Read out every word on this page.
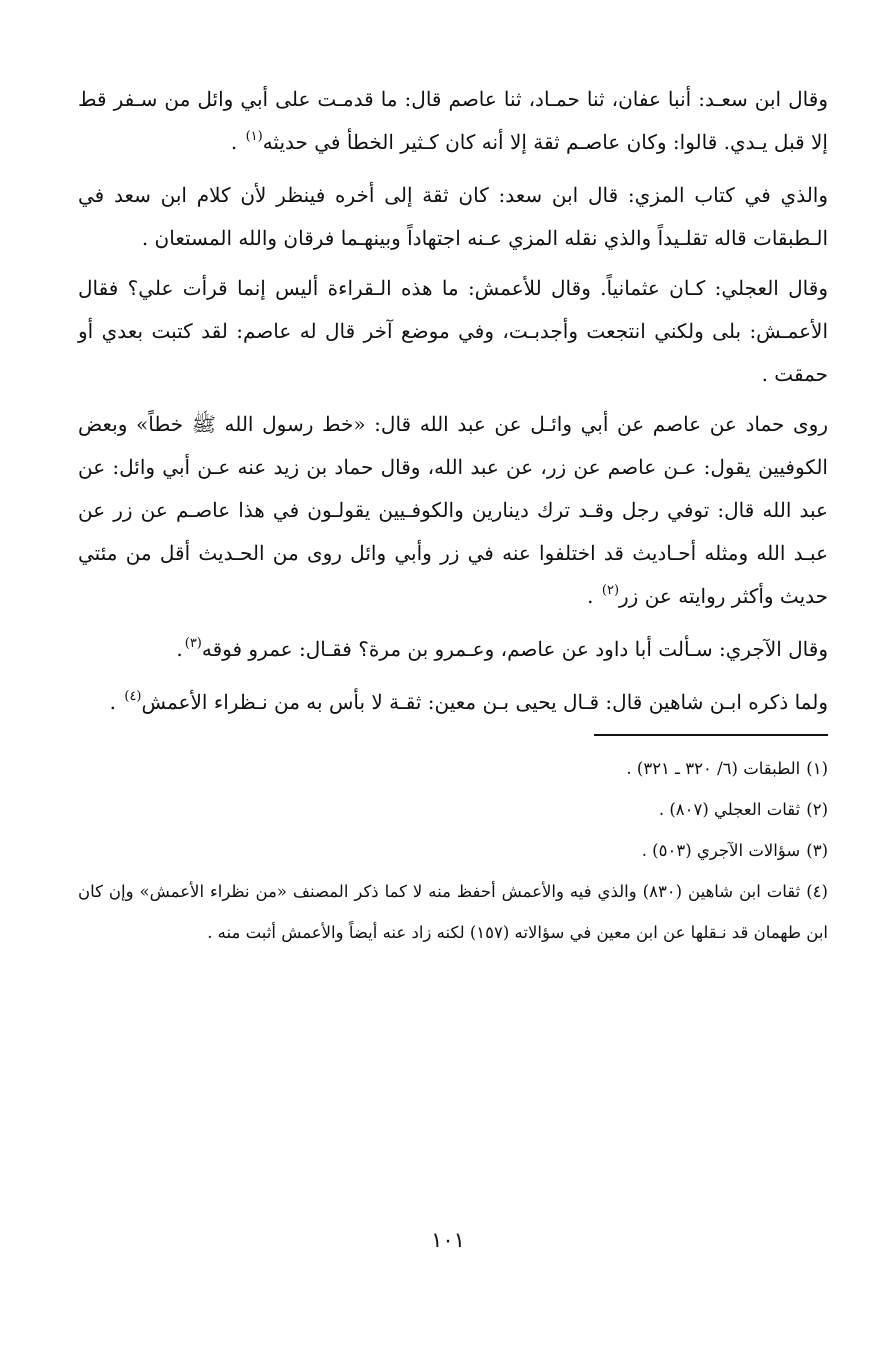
وقال ابن سعـد: أنبا عفان، ثنا حمـاد، ثنا عاصم قال: ما قدمـت على أبي وائل من سـفر قط إلا قبل يـدي. قالوا: وكان عاصـم ثقة إلا أنه كان كـثير الخطأ في حديثه$^{(١)}$ .

والذي في كتاب المزي: قال ابن سعد: كان ثقة إلى أخره فينظر لأن كلام ابن سعد في الـطبقات قاله تقلـيداً والذي نقله المزي عـنه اجتهاداً وبينهـما فرقان والله المستعان .

وقال العجلي: كـان عثمانياً. وقال للأعمش: ما هذه الـقراءة أليس إنما قرأت علي؟ فقال الأعمـش: بلى ولكني انتجعت وأجدبـت، وفي موضع آخر قال له عاصم: لقد كتبت بعدي أو حمقت .

روى حماد عن عاصم عن أبي وائـل عن عبد الله قال: «خط رسول الله ﷺ خطاً» وبعض الكوفيين يقول: عـن عاصم عن زر، عن عبد الله، وقال حماد بن زيد عنه عـن أبي وائل: عن عبد الله قال: توفي رجل وقـد ترك دينارين والكوفـيين يقولـون في هذا عاصـم عن زر عن عبـد الله ومثله أحـاديث قد اختلفوا عنه في زر وأبي وائل روى من الحـديث أقل من مئتي حديث وأكثر روايته عن زر$^{(٢)}$ .

وقال الآجري: سـألت أبا داود عن عاصم، وعـمرو بن مرة؟ فقـال: عمرو فوقه$^{(٣)}$.

ولما ذكره ابـن شاهين قال: قـال يحيى بـن معين: ثقـة لا بأس به من نـظراء الأعمش$^{(٤)}$ .

(١)الطبقات (٦/ ٣٢٠ ـ ٣٢١) .

(٢)ثقات العجلي (٨٠٧) .

(٣)سؤالات الآجري (٥٠٣) .

(٤)ثقات ابن شاهين (٨٣٠) والذي فيه والأعمش أحفظ منه لا كما ذكر المصنف «من نظراء الأعمش» وإن كان ابن طهمان قد نـقلها عن ابن معين في سؤالاته (١٥٧) لكنه زاد عنه أيضاً والأعمش أثبت منه .

١٠١
